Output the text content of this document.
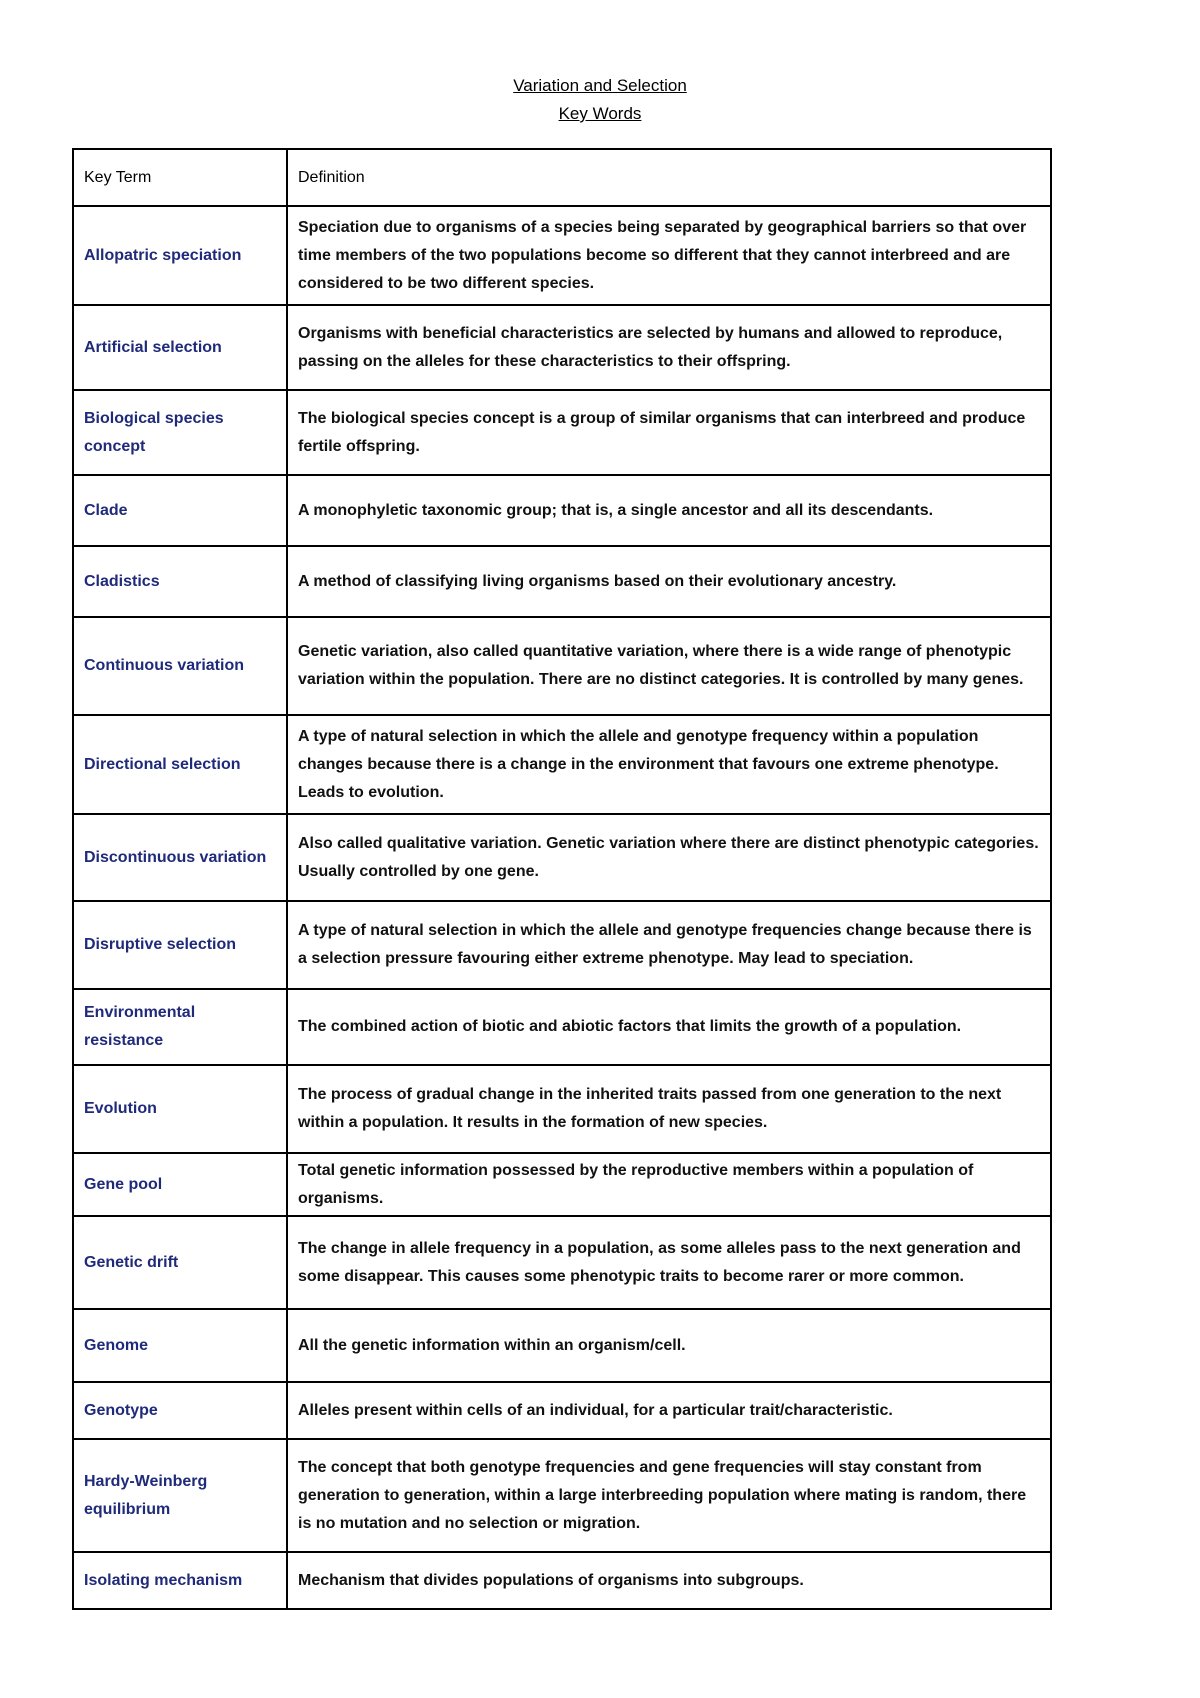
Variation and Selection
Key Words
Key Term	Definition
Allopatric speciation	Speciation due to organisms of a species being separated by geographical barriers so that over time members of the two populations become so different that they cannot interbreed and are considered to be two different species.
Artificial selection	Organisms with beneficial characteristics are selected by humans and allowed to reproduce, passing on the alleles for these characteristics to their offspring.
Biological species concept	The biological species concept is a group of similar organisms that can interbreed and produce fertile offspring.
Clade	A monophyletic taxonomic group; that is, a single ancestor and all its descendants.
Cladistics	A method of classifying living organisms based on their evolutionary ancestry.
Continuous variation	Genetic variation, also called quantitative variation, where there is a wide range of phenotypic variation within the population. There are no distinct categories. It is controlled by many genes.
Directional selection	A type of natural selection in which the allele and genotype frequency within a population changes because there is a change in the environment that favours one extreme phenotype. Leads to evolution.
Discontinuous variation	Also called qualitative variation. Genetic variation where there are distinct phenotypic categories. Usually controlled by one gene.
Disruptive selection	A type of natural selection in which the allele and genotype frequencies change because there is a selection pressure favouring either extreme phenotype. May lead to speciation.
Environmental resistance	The combined action of biotic and abiotic factors that limits the growth of a population.
Evolution	The process of gradual change in the inherited traits passed from one generation to the next within a population. It results in the formation of new species.
Gene pool	Total genetic information possessed by the reproductive members within a population of organisms.
Genetic drift	The change in allele frequency in a population, as some alleles pass to the next generation and some disappear. This causes some phenotypic traits to become rarer or more common.
Genome	All the genetic information within an organism/cell.
Genotype	Alleles present within cells of an individual, for a particular trait/characteristic.
Hardy-Weinberg equilibrium	The concept that both genotype frequencies and gene frequencies will stay constant from generation to generation, within a large interbreeding population where mating is random, there is no mutation and no selection or migration.
Isolating mechanism	Mechanism that divides populations of organisms into subgroups.
